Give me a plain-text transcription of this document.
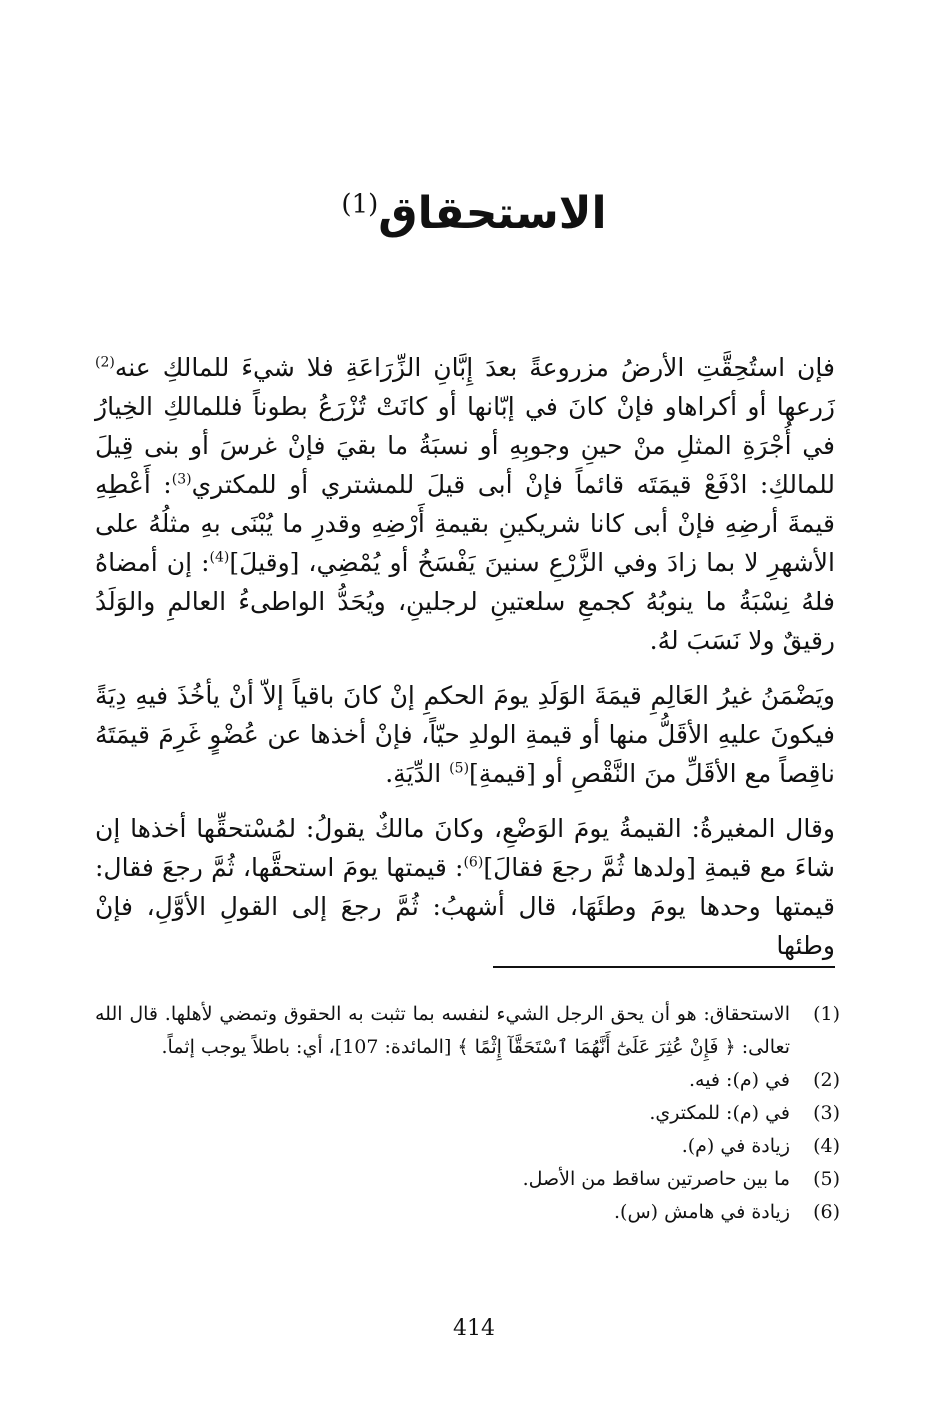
الاستحقاق$^{(1)}$

فإن استُحِقَّتِ الأرضُ مزروعةً بعدَ إِبَّانِ الزِّرَاعَةِ فلا شيءَ للمالكِ عنه$^{(2)}$ زَرعها أو أكراهاو فإنْ كانَ في إبّانها أو كانَتْ تُزْرَعُ بطوناً فللمالكِ الخِيارُ في أُجْرَةِ المثلِ منْ حينِ وجوبِهِ أو نسبَةُ ما بقيَ فإنْ غرسَ أو بنى قِيلَ للمالكِ: ادْفَعْ قيمَتَه قائماً فإنْ أبى قيلَ للمشتري أو للمكتري$^{(3)}$: أَعْطِهِ قيمةَ أرضِهِ فإنْ أبى كانا شريكينِ بقيمةِ أَرْضِهِ وقدرِ ما يُبْنَى بهِ مثلُهُ على الأشهرِ لا بما زادَ وفي الزَّرْعِ سنينَ يَفْسَخُ أو يُمْضِي، [وقيلَ]$^{(4)}$: إن أمضاهُ فلهُ نِسْبَةُ ما ينوبُهُ كجمعِ سلعتينِ لرجلينِ، ويُحَدُّ الواطىءُ العالمِ والوَلَدُ رقيقٌ ولا نَسَبَ لهُ.

ويَضْمَنُ غيرُ العَالِمِ قيمَةَ الوَلَدِ يومَ الحكمِ إنْ كانَ باقياً إلاّ أنْ يأخُذَ فيهِ دِيَةً فيكونَ عليهِ الأقَلُّ منها أو قيمةِ الولدِ حيّاً، فإنْ أخذها عن عُضْوٍ غَرِمَ قيمَتَهُ ناقِصاً مع الأقَلِّ منَ النَّقْصِ أو [قيمةِ]$^{(5)}$ الدِّيَةِ.

وقال المغيرةُ: القيمةُ يومَ الوَضْعِ، وكانَ مالكٌ يقولُ: لمُسْتحقِّها أخذها إن شاءَ مع قيمةِ [ولدها ثُمَّ رجعَ فقالَ]$^{(6)}$: قيمتها يومَ استحقَّها، ثُمَّ رجعَ فقال: قيمتها وحدها يومَ وطئَهَا، قال أشهبُ: ثُمَّ رجعَ إلى القولِ الأوَّلِ، فإنْ وطئها

(1)
الاستحقاق: هو أن يحق الرجل الشيء لنفسه بما تثبت به الحقوق وتمضي لأهلها. قال الله تعالى: ﴿ فَإِنْ عُثِرَ عَلَىٰٓ أَنَّهُمَا ٱسْتَحَقَّآ إِثْمًا ﴾ [المائدة: 107]، أي: باطلاً يوجب إثماً.
(2)
في (م): فيه.
(3)
في (م): للمكتري.
(4)
زيادة في (م).
(5)
ما بين حاصرتين ساقط من الأصل.
(6)
زيادة في هامش (س).
414
